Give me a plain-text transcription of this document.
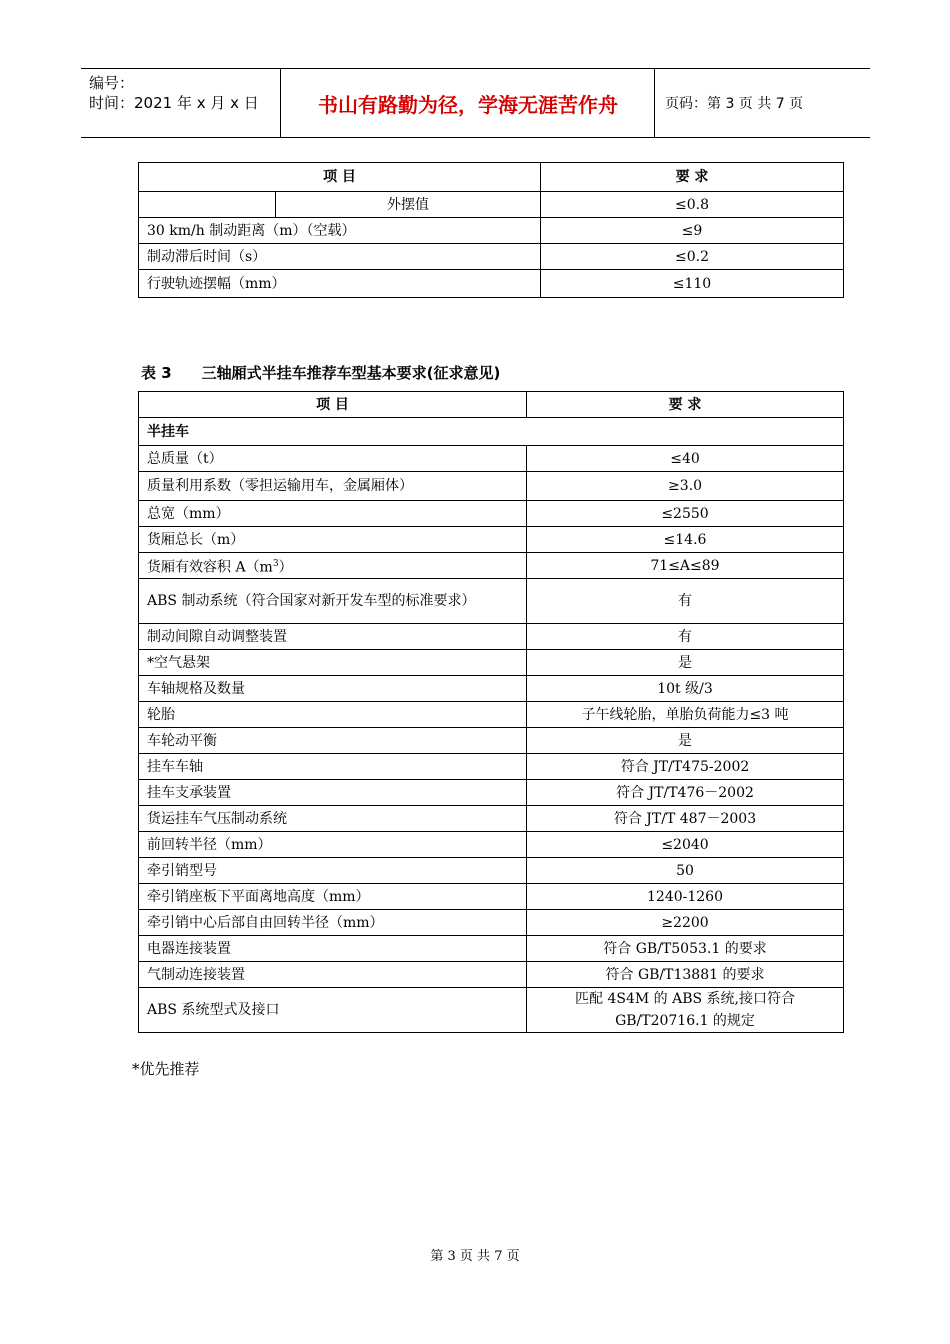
编号：
时间：2021 年 x 月 x 日	书山有路勤为径，学海无涯苦作舟	页码：第 3 页 共 7 页
项 目		要 求
	外摆值	≤0.8
30 km/h 制动距离（m）（空载）		≤9
制动滞后时间（s）		≤0.2
行驶轨迹摆幅（mm）		≤110
表 3 三轴厢式半挂车推荐车型基本要求(征求意见)
项 目	要 求
半挂车	
总质量（t）	≤40
质量利用系数（零担运输用车，金属厢体）	≥3.0
总宽（mm）	≤2550
货厢总长（m）	≤14.6
货厢有效容积 $A(m^3)$	71≤A≤89
ABS 制动系统（符合国家对新开发车型的标准要求）	有
制动间隙自动调整装置	有
*空气悬架	是
车轴规格及数量	10t 级/3
轮胎	子午线轮胎，单胎负荷能力≤3 吨
车轮动平衡	是
挂车车轴	符合 JT/T475-2002
挂车支承装置	符合 JT/T476－2002
货运挂车气压制动系统	符合 JT/T 487－2003
前回转半径（mm）	≤2040
牵引销型号	50
牵引销座板下平面离地高度（mm）	1240-1260
牵引销中心后部自由回转半径（mm）	≥2200
电器连接装置	符合 GB/T5053.1 的要求
气制动连接装置	符合 GB/T13881 的要求
ABS 系统型式及接口	匹配 4S4M 的 ABS 系统,接口符合 GB/T20716.1 的规定
*优先推荐
第 3 页 共 7 页
